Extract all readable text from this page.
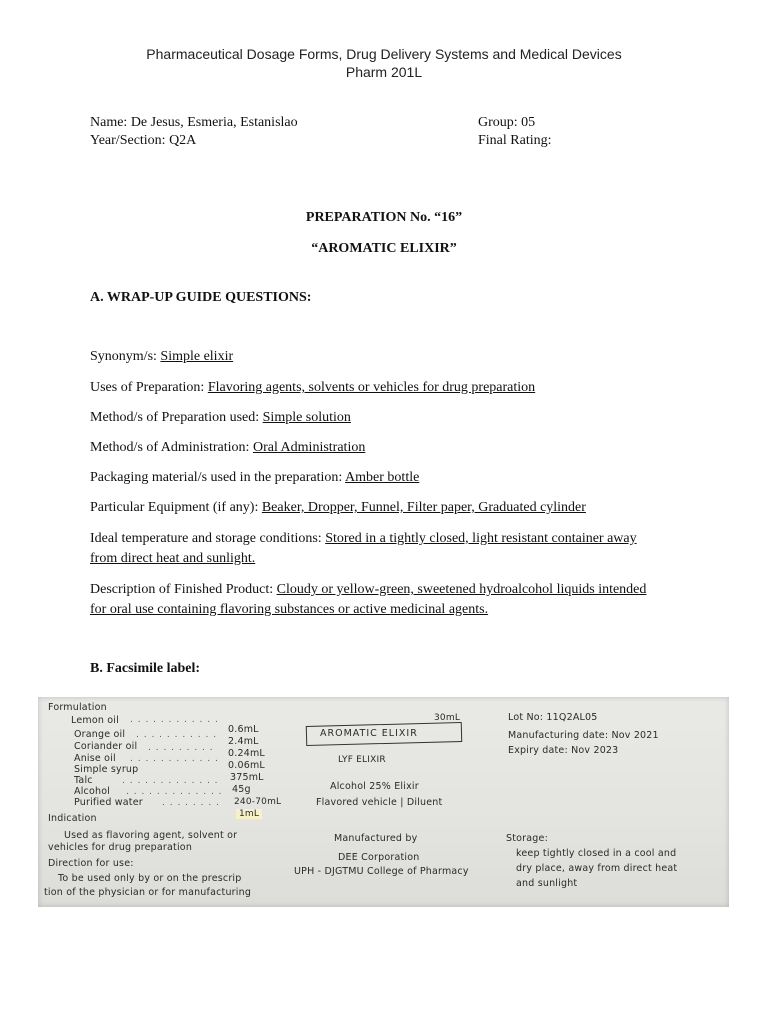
Pharmaceutical Dosage Forms, Drug Delivery Systems and Medical Devices
Pharm 201L
Name: De Jesus, Esmeria, Estanislao
Year/Section: Q2A
Group: 05
Final Rating:
PREPARATION No. “16”
“AROMATIC ELIXIR”
A. WRAP-UP GUIDE QUESTIONS:
Synonym/s: Simple elixir
Uses of Preparation: Flavoring agents, solvents or vehicles for drug preparation
Method/s of Preparation used: Simple solution
Method/s of Administration: Oral Administration
Packaging material/s used in the preparation: Amber bottle
Particular Equipment (if any): Beaker, Dropper, Funnel, Filter paper, Graduated cylinder
Ideal temperature and storage conditions: Stored in a tightly closed, light resistant container away from direct heat and sunlight.
Description of Finished Product: Cloudy or yellow-green, sweetened hydroalcohol liquids intended for oral use containing flavoring substances or active medicinal agents.
B. Facsimile label:
Formulation
Lemon oil . . . . . . . . . . . .
0.6mL
Orange oil . . . . . . . . . . .
2.4mL
Coriander oil . . . . . . . . . 0.24mL
Anise oil . . . . . . . . . . . .
0.06mL
Simple syrup
Talc	. . . . . . . . . . . . . 375mL
Alcohol . . . . . . . . . . . . . 45g
Purified water . . . . . . . . 240-70mL
1mL
Indication
Used as flavoring agent, solvent or
vehicles for drug preparation
Direction for use:
To be used only by or on the prescrip
tion of the physician or for manufacturing
30mL
AROMATIC ELIXIR
LYF ELIXIR
Alcohol 25% Elixir
Flavored vehicle | Diluent
Manufactured by
DEE Corporation
UPH - DJGTMU College of Pharmacy
Lot No: 11Q2AL05
Manufacturing date: Nov 2021
Expiry date: Nov 2023
Storage:
keep tightly closed in a cool and
dry place, away from direct heat
and sunlight
